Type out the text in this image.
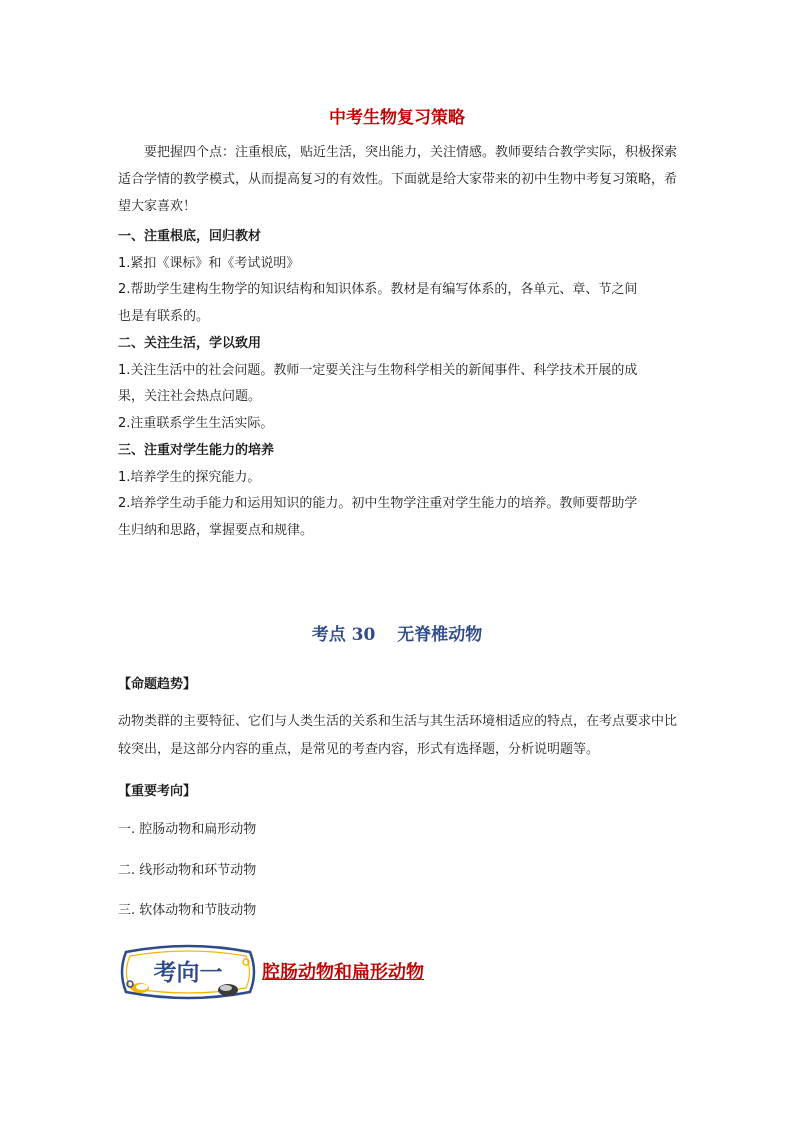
中考生物复习策略
要把握四个点：注重根底，贴近生活，突出能力，关注情感。教师要结合教学实际，积极探索适合学情的教学模式，从而提高复习的有效性。下面就是给大家带来的初中生物中考复习策略，希望大家喜欢！
一、注重根底，回归教材
1.紧扣《课标》和《考试说明》
2.帮助学生建构生物学的知识结构和知识体系。教材是有编写体系的，各单元、章、节之间
也是有联系的。
二、关注生活，学以致用
1.关注生活中的社会问题。教师一定要关注与生物科学相关的新闻事件、科学技术开展的成
果，关注社会热点问题。
2.注重联系学生生活实际。
三、注重对学生能力的培养
1.培养学生的探究能力。
2.培养学生动手能力和运用知识的能力。初中生物学注重对学生能力的培养。教师要帮助学
生归纳和思路，掌握要点和规律。
考点 30 无脊椎动物
【命题趋势】
动物类群的主要特征、它们与人类生活的关系和生活与其生活环境相适应的特点，在考点要求中比较突出，是这部分内容的重点，是常见的考查内容，形式有选择题，分析说明题等。
【重要考向】
一. 腔肠动物和扁形动物
二. 线形动物和环节动物
三. 软体动物和节肢动物
考向一 腔肠动物和扁形动物
